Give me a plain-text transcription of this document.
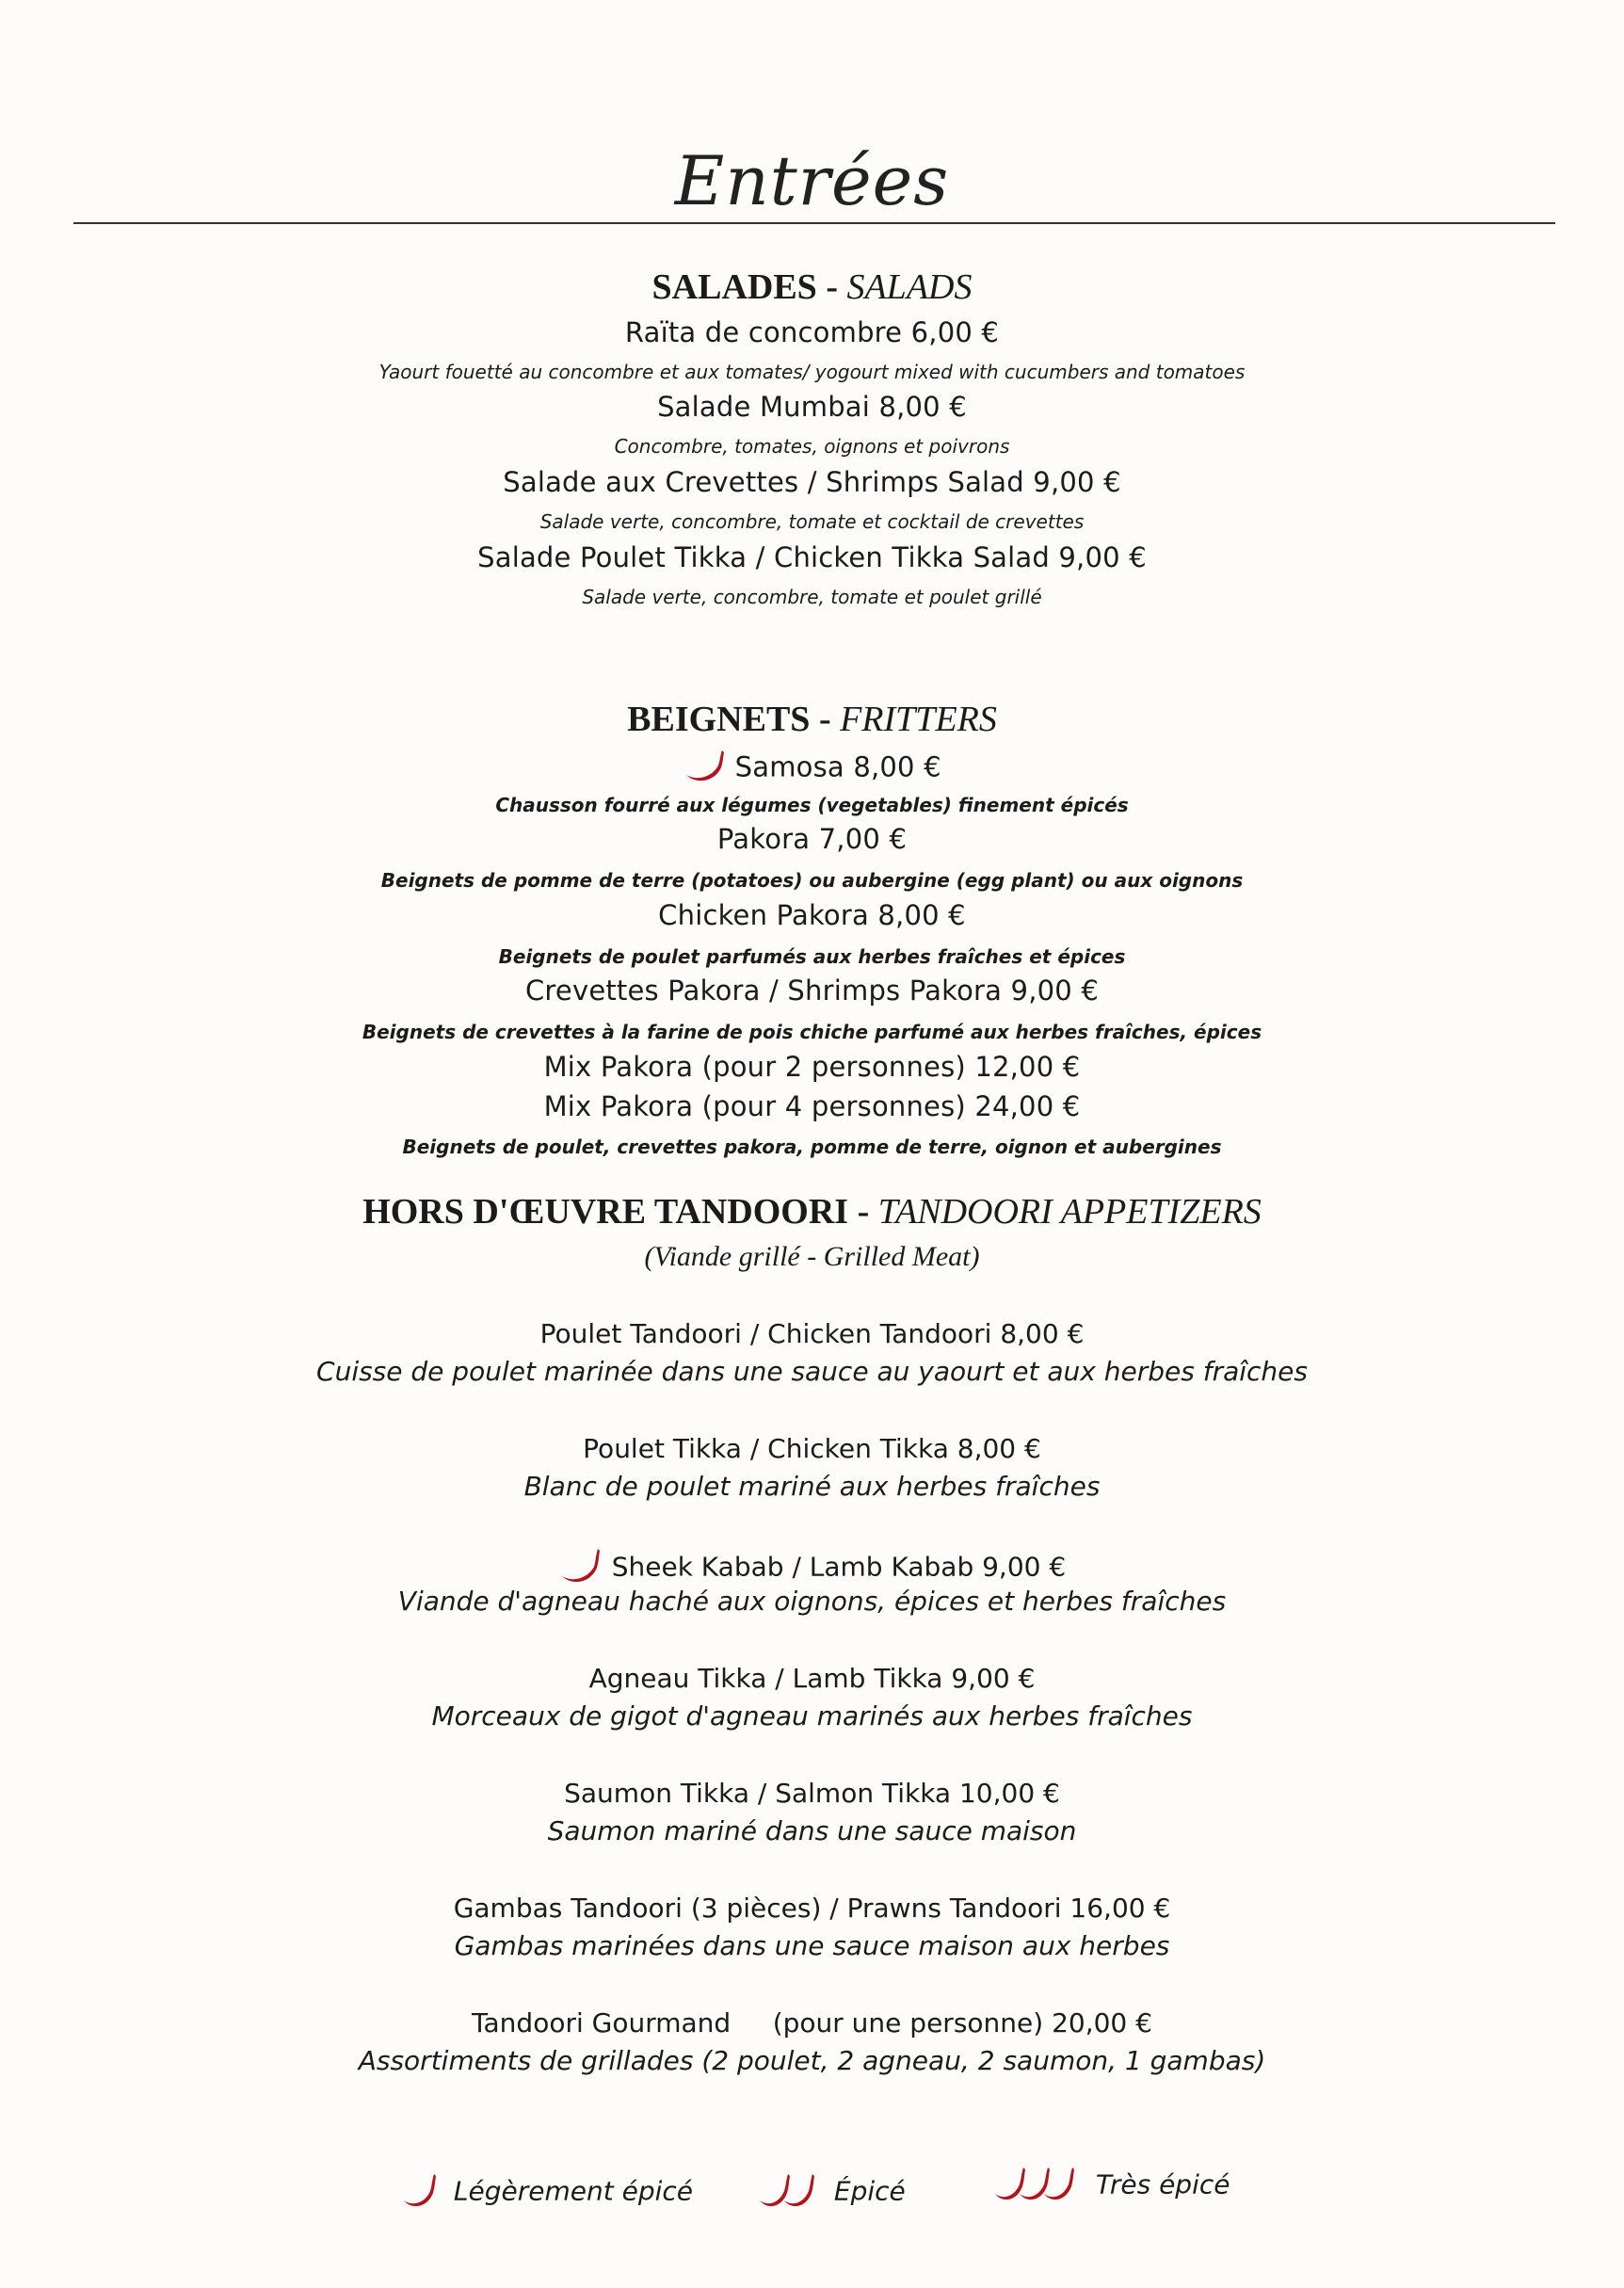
Entrées
SALADES - SALADS
Raïta de concombre 6,00 €
Yaourt fouetté au concombre et aux tomates/ yogourt mixed with cucumbers and tomatoes
Salade Mumbai 8,00 €
Concombre, tomates, oignons et poivrons
Salade aux Crevettes / Shrimps Salad 9,00 €
Salade verte, concombre, tomate et cocktail de crevettes
Salade Poulet Tikka / Chicken Tikka Salad 9,00 €
Salade verte, concombre, tomate et poulet grillé
BEIGNETS - FRITTERS
Samosa 8,00 €
Chausson fourré aux légumes (vegetables) finement épicés
Pakora 7,00 €
Beignets de pomme de terre (potatoes) ou aubergine (egg plant) ou aux oignons
Chicken Pakora 8,00 €
Beignets de poulet parfumés aux herbes fraîches et épices
Crevettes Pakora / Shrimps Pakora 9,00 €
Beignets de crevettes à la farine de pois chiche parfumé aux herbes fraîches, épices
Mix Pakora (pour 2 personnes) 12,00 €
Mix Pakora (pour 4 personnes) 24,00 €
Beignets de poulet, crevettes pakora, pomme de terre, oignon et aubergines
HORS D'ŒUVRE TANDOORI - TANDOORI APPETIZERS
(Viande grillé - Grilled Meat)
Poulet Tandoori / Chicken Tandoori 8,00 €
Cuisse de poulet marinée dans une sauce au yaourt et aux herbes fraîches
Poulet Tikka / Chicken Tikka 8,00 €
Blanc de poulet mariné aux herbes fraîches
Sheek Kabab / Lamb Kabab 9,00 €
Viande d'agneau haché aux oignons, épices et herbes fraîches
Agneau Tikka / Lamb Tikka 9,00 €
Morceaux de gigot d'agneau marinés aux herbes fraîches
Saumon Tikka / Salmon Tikka 10,00 €
Saumon mariné dans une sauce maison
Gambas Tandoori (3 pièces) / Prawns Tandoori 16,00 €
Gambas marinées dans une sauce maison aux herbes
Tandoori Gourmand     (pour une personne) 20,00 €
Assortiments de grillades (2 poulet, 2 agneau, 2 saumon, 1 gambas)
Légèrement épicé	Épicé	Très épicé
